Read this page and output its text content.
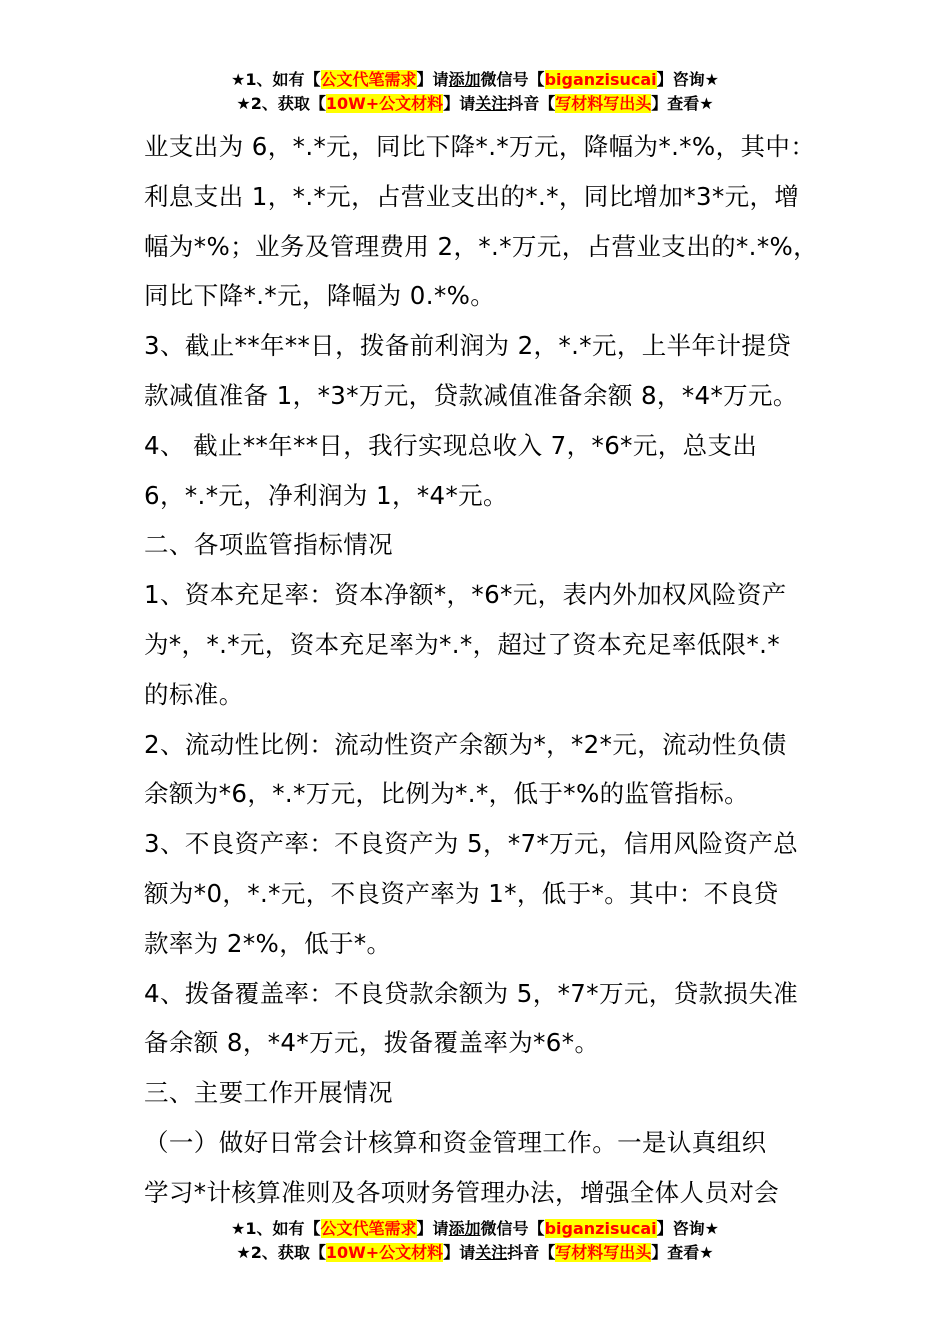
★1、如有【公文代笔需求】请添加微信号【biganzisucai】咨询★
★2、获取【10W+公文材料】请关注抖音【写材料写出头】查看★

业支出为 6，*.*元，同比下降*.*万元，降幅为*.*%，其中：

利息支出 1，*.*元，占营业支出的*.*，同比增加*3*元，增

幅为*%；业务及管理费用 2，*.*万元，占营业支出的*.*%，

同比下降*.*元，降幅为 0.*%。

3、截止**年**日，拨备前利润为 2，*.*元，上半年计提贷

款减值准备 1，*3*万元，贷款减值准备余额 8，*4*万元。

4、 截止**年**日，我行实现总收入 7，*6*元，总支出

6，*.*元，净利润为 1，*4*元。

二、各项监管指标情况

1、资本充足率：资本净额*，*6*元，表内外加权风险资产

为*，*.*元，资本充足率为*.*，超过了资本充足率低限*.*

的标准。

2、流动性比例：流动性资产余额为*，*2*元，流动性负债

余额为*6，*.*万元，比例为*.*，低于*%的监管指标。

3、不良资产率：不良资产为 5，*7*万元，信用风险资产总

额为*0，*.*元，不良资产率为 1*，低于*。其中：不良贷

款率为 2*%，低于*。

4、拨备覆盖率：不良贷款余额为 5，*7*万元，贷款损失准

备余额 8，*4*万元，拨备覆盖率为*6*。

三、主要工作开展情况

（一）做好日常会计核算和资金管理工作。一是认真组织

学习*计核算准则及各项财务管理办法，增强全体人员对会

★1、如有【公文代笔需求】请添加微信号【biganzisucai】咨询★
★2、获取【10W+公文材料】请关注抖音【写材料写出头】查看★
